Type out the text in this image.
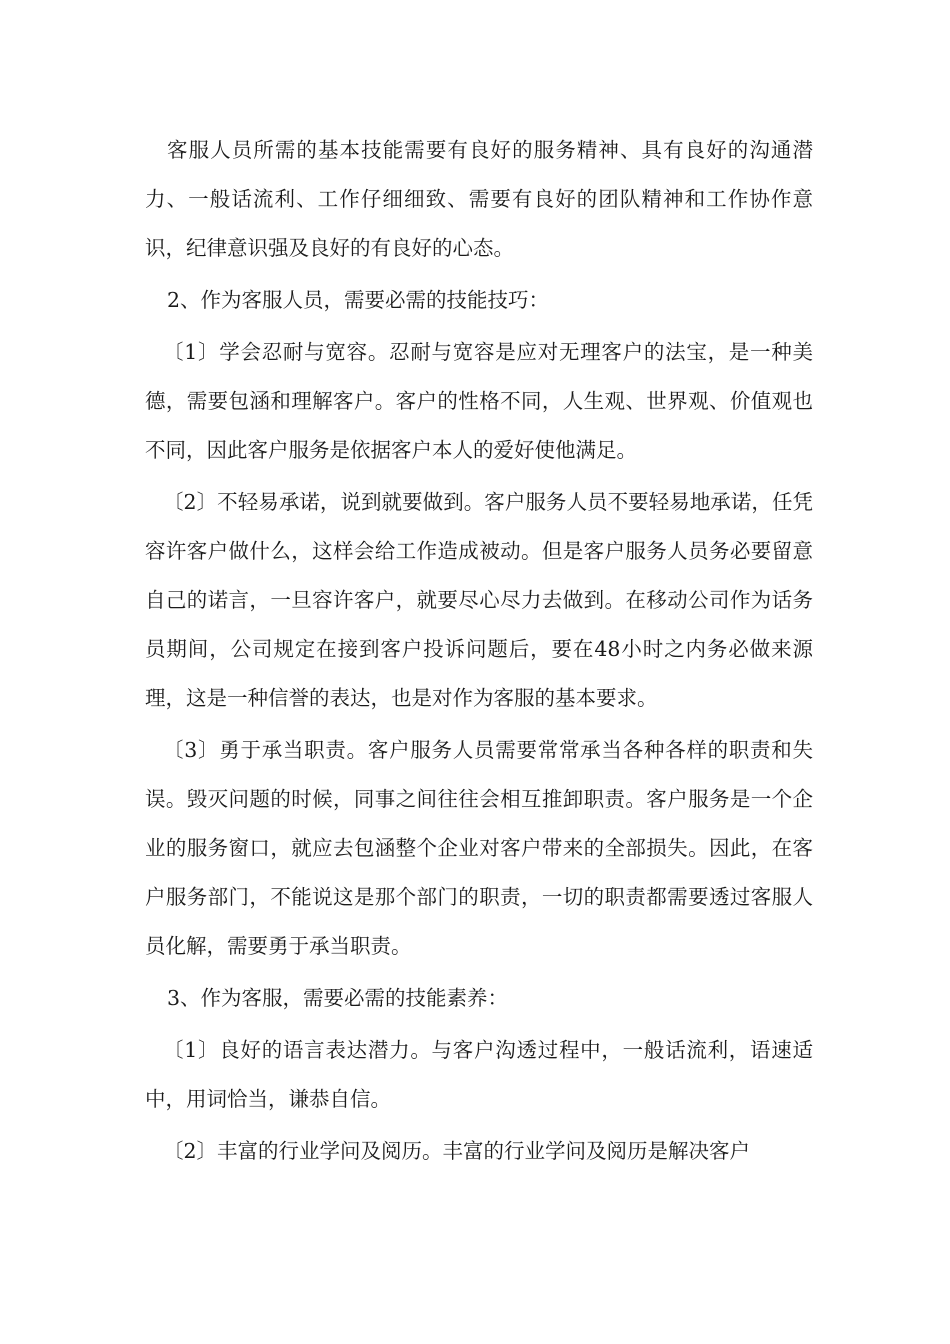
客服人员所需的基本技能需要有良好的服务精神、具有良好的沟通潜力、一般话流利、工作仔细细致、需要有良好的团队精神和工作协作意识，纪律意识强及良好的有良好的心态。

2、作为客服人员，需要必需的技能技巧：

〔1〕学会忍耐与宽容。忍耐与宽容是应对无理客户的法宝，是一种美德，需要包涵和理解客户。客户的性格不同，人生观、世界观、价值观也不同，因此客户服务是依据客户本人的爱好使他满足。

〔2〕不轻易承诺，说到就要做到。客户服务人员不要轻易地承诺，任凭容许客户做什么，这样会给工作造成被动。但是客户服务人员务必要留意自己的诺言，一旦容许客户，就要尽心尽力去做到。在移动公司作为话务员期间，公司规定在接到客户投诉问题后，要在48小时之内务必做来源理，这是一种信誉的表达，也是对作为客服的基本要求。

〔3〕勇于承当职责。客户服务人员需要常常承当各种各样的职责和失误。毁灭问题的时候，同事之间往往会相互推卸职责。客户服务是一个企业的服务窗口，就应去包涵整个企业对客户带来的全部损失。因此，在客户服务部门，不能说这是那个部门的职责，一切的职责都需要透过客服人员化解，需要勇于承当职责。

3、作为客服，需要必需的技能素养：

〔1〕良好的语言表达潜力。与客户沟透过程中，一般话流利，语速适中，用词恰当，谦恭自信。

〔2〕丰富的行业学问及阅历。丰富的行业学问及阅历是解决客户
